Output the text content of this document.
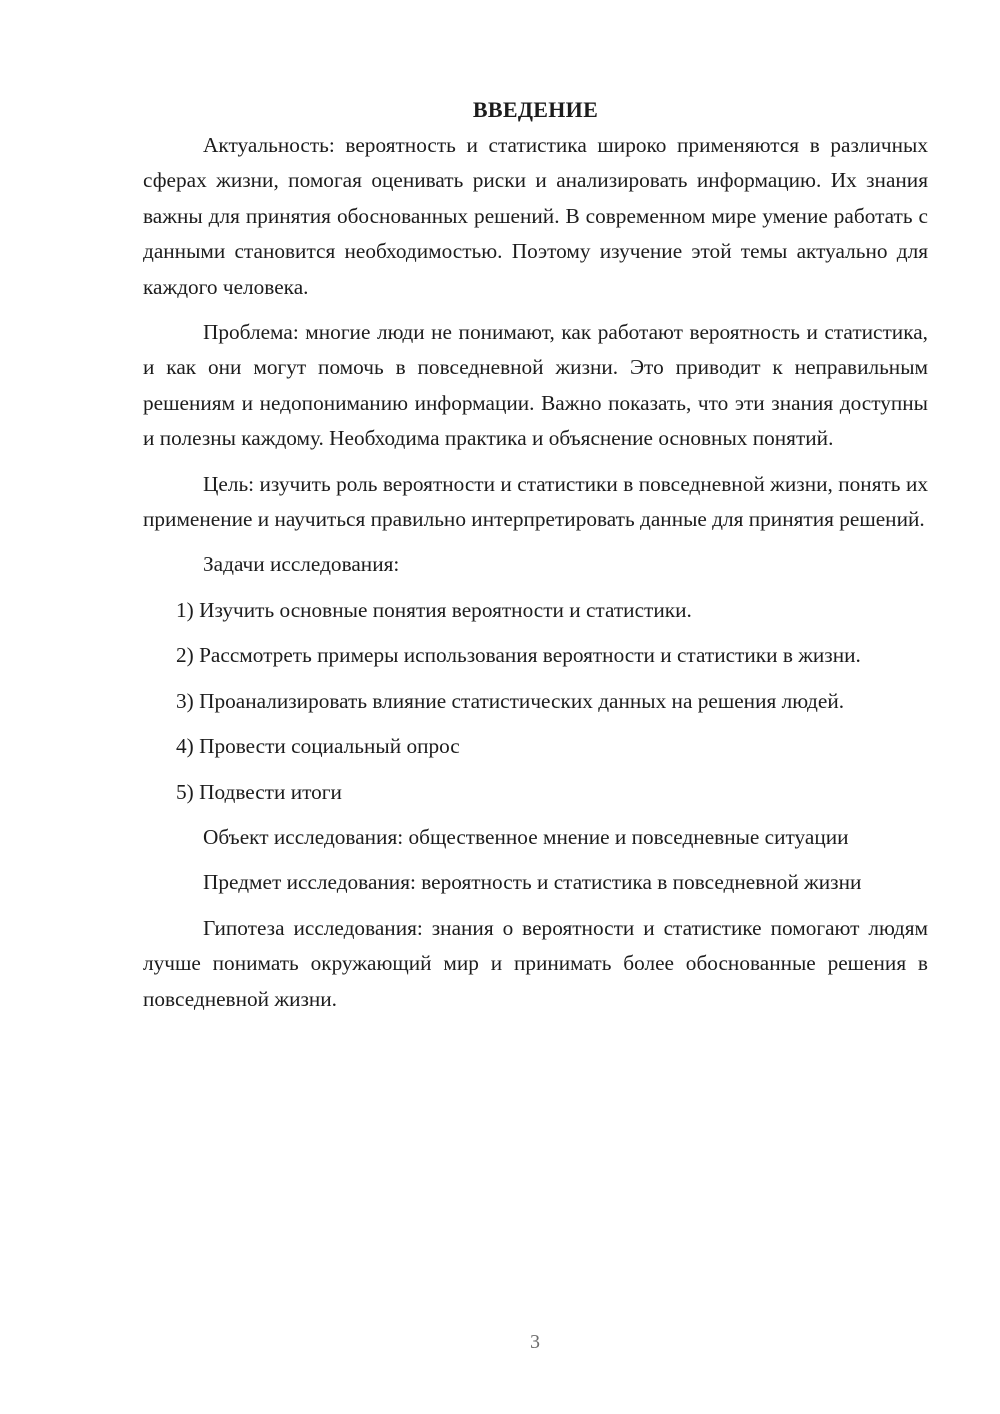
ВВЕДЕНИЕ

Актуальность: вероятность и статистика широко применяются в различных сферах жизни, помогая оценивать риски и анализировать информацию. Их знания важны для принятия обоснованных решений. В современном мире умение работать с данными становится необходимостью. Поэтому изучение этой темы актуально для каждого человека.

Проблема: многие люди не понимают, как работают вероятность и статистика, и как они могут помочь в повседневной жизни. Это приводит к неправильным решениям и недопониманию информации. Важно показать, что эти знания доступны и полезны каждому. Необходима практика и объяснение основных понятий.

Цель: изучить роль вероятности и статистики в повседневной жизни, понять их применение и научиться правильно интерпретировать данные для принятия решений.

Задачи исследования:

1) Изучить основные понятия вероятности и статистики.

2) Рассмотреть примеры использования вероятности и статистики в жизни.

3) Проанализировать влияние статистических данных на решения людей.

4) Провести социальный опрос

5) Подвести итоги

Объект исследования: общественное мнение и повседневные ситуации

Предмет исследования: вероятность и статистика в повседневной жизни

Гипотеза исследования: знания о вероятности и статистике помогают людям лучше понимать окружающий мир и принимать более обоснованные решения в повседневной жизни.

3
